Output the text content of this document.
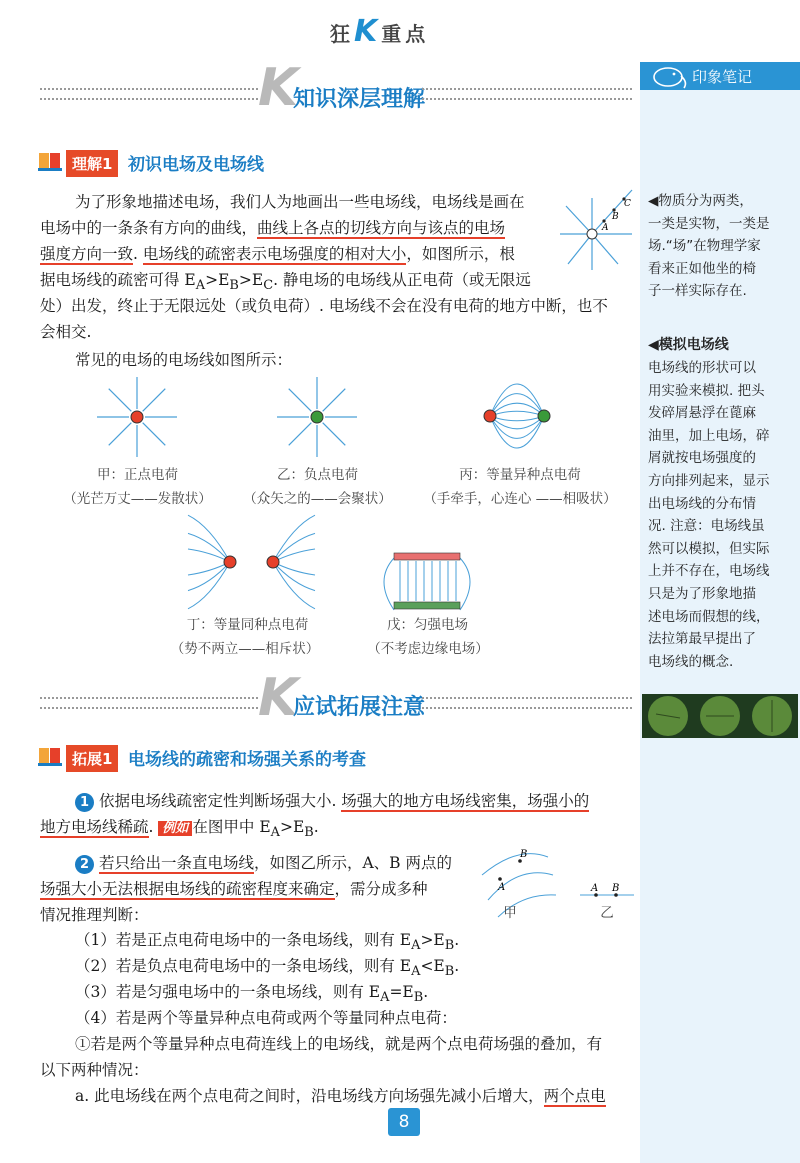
狂K重点
K
知识深层理解
理解1 初识电场及电场线
为了形象地描述电场，我们人为地画出一些电场线，电场线是画在
电场中的一条条有方向的曲线，曲线上各点的切线方向与该点的电场
强度方向一致. 电场线的疏密表示电场强度的相对大小，如图所示，根
据电场线的疏密可得 $E_A>E_B>E_C$. 静电场的电场线从正电荷（或无限远
处）出发，终止于无限远处（或负电荷）. 电场线不会在没有电荷的地方中断，也不
会相交.
常见的电场的电场线如图所示：
A
B
C
甲：正点电荷
（光芒万丈——发散状）
乙：负点电荷
（众矢之的——会聚状）
丙：等量异种点电荷
（手牵手，心连心 ——相吸状）
丁：等量同种点电荷
（势不两立——相斥状）
戊：匀强电场
（不考虑边缘电场）
K
应试拓展注意
拓展1 电场线的疏密和场强关系的考查
1 依据电场线疏密定性判断场强大小. 场强大的地方电场线密集，场强小的
地方电场线稀疏. 例如 在图甲中 $E_A>E_B$.
2 若只给出一条直电场线，如图乙所示，A、B 两点的
场强大小无法根据电场线的疏密程度来确定，需分成多种
情况推理判断：
A
B
甲
A B
乙
（1）若是正点电荷电场中的一条电场线，则有 $E_A>E_B$.
（2）若是负点电荷电场中的一条电场线，则有 $E_A<E_B$.
（3）若是匀强电场中的一条电场线，则有 $E_A=E_B$.
（4）若是两个等量异种点电荷或两个等量同种点电荷：
①若是两个等量异种点电荷连线上的电场线，就是两个点电荷场强的叠加，有
以下两种情况：
a. 此电场线在两个点电荷之间时，沿电场线方向场强先减小后增大，两个点电
印象笔记
◀物质分为两类，
一类是实物，一类是
场.“场”在物理学家
看来正如他坐的椅
子一样实际存在.
◀模拟电场线
电场线的形状可以
用实验来模拟. 把头
发碎屑悬浮在蓖麻
油里，加上电场，碎
屑就按电场强度的
方向排列起来，显示
出电场线的分布情
况. 注意：电场线虽
然可以模拟，但实际
上并不存在，电场线
只是为了形象地描
述电场而假想的线，
法拉第最早提出了
电场线的概念.
8
